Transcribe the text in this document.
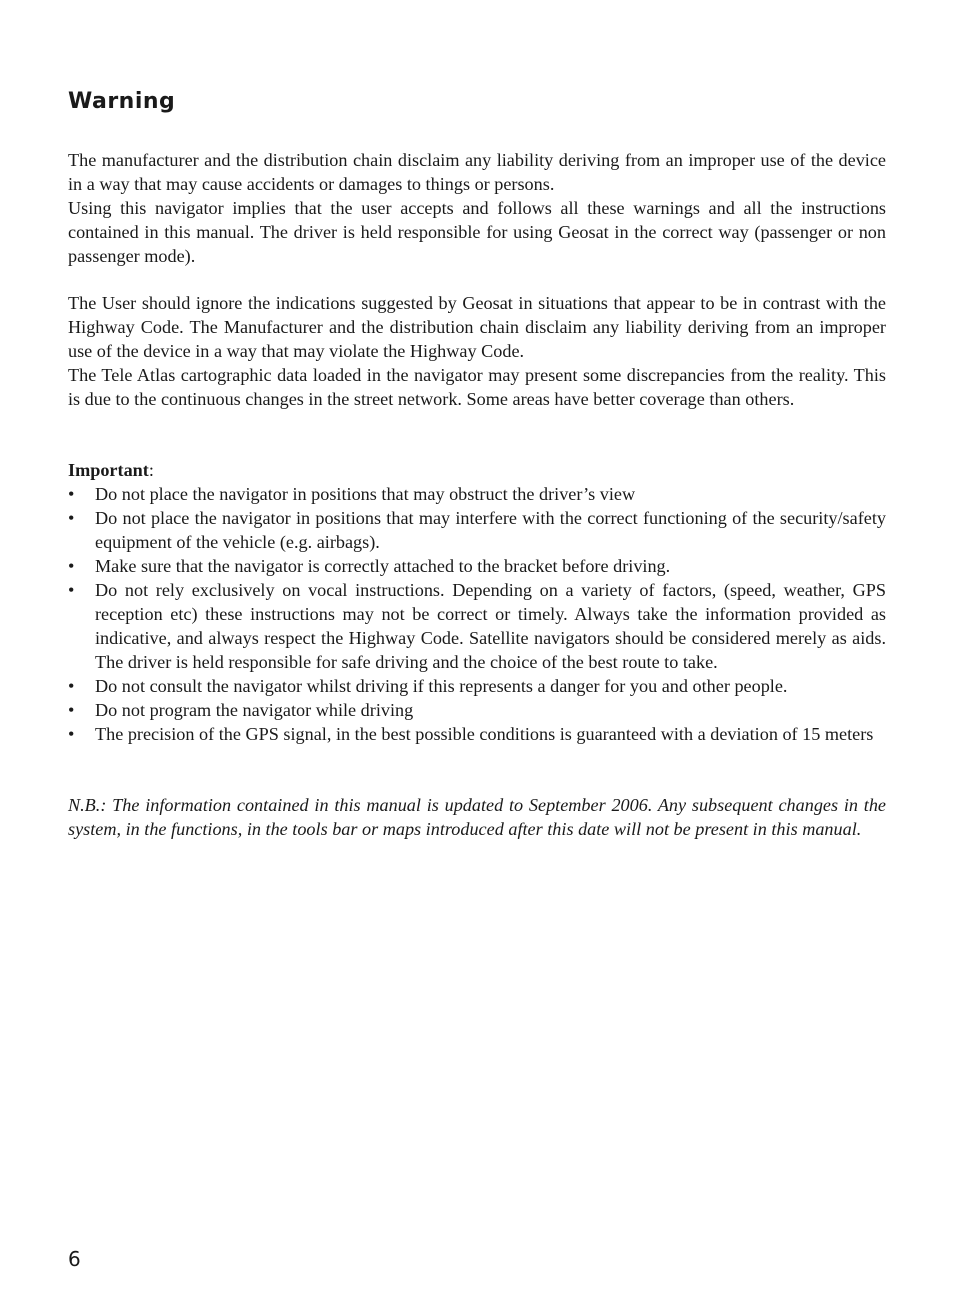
Warning

The manufacturer and the distribution chain disclaim any liability deriving from an improper use of the device in a way that may cause accidents or damages to things or persons.

Using this navigator implies that the user accepts and follows all these warnings and all the instructions contained in this manual. The driver is held responsible for using Geosat in the correct way (passenger or non passenger mode).

The User should ignore the indications suggested by Geosat in situations that appear to be in contrast with the Highway Code. The Manufacturer and the distribution chain disclaim any liability deriving from an improper use of the device in a way that may violate the Highway Code.

The Tele Atlas cartographic data loaded in the navigator may present some discrepancies from the reality. This is due to the continuous changes in the street network. Some areas have better coverage than others.

Important:

•	Do not place the navigator in positions that may obstruct the driver’s view
•	Do not place the navigator in positions that may interfere with the correct functioning of the security/safety equipment of the vehicle (e.g. airbags).
•	Make sure that the navigator is correctly attached to the bracket before driving.
•	Do not rely exclusively on vocal instructions. Depending on a variety of factors, (speed, weather, GPS reception etc) these instructions may not be correct or timely. Always take the information provided as indicative, and always respect the Highway Code. Satellite navigators should be considered merely as aids. The driver is held responsible for safe driving and the choice of the best route to take.
•	Do not consult the navigator whilst driving if this represents a danger for you and other people.
•	Do not program the navigator while driving
•	The precision of the GPS signal, in the best possible conditions is guaranteed with a deviation of 15 meters

N.B.: The information contained in this manual is updated to September 2006. Any subsequent changes in the system, in the functions, in the tools bar or maps introduced after this date will not be present in this manual.

6
